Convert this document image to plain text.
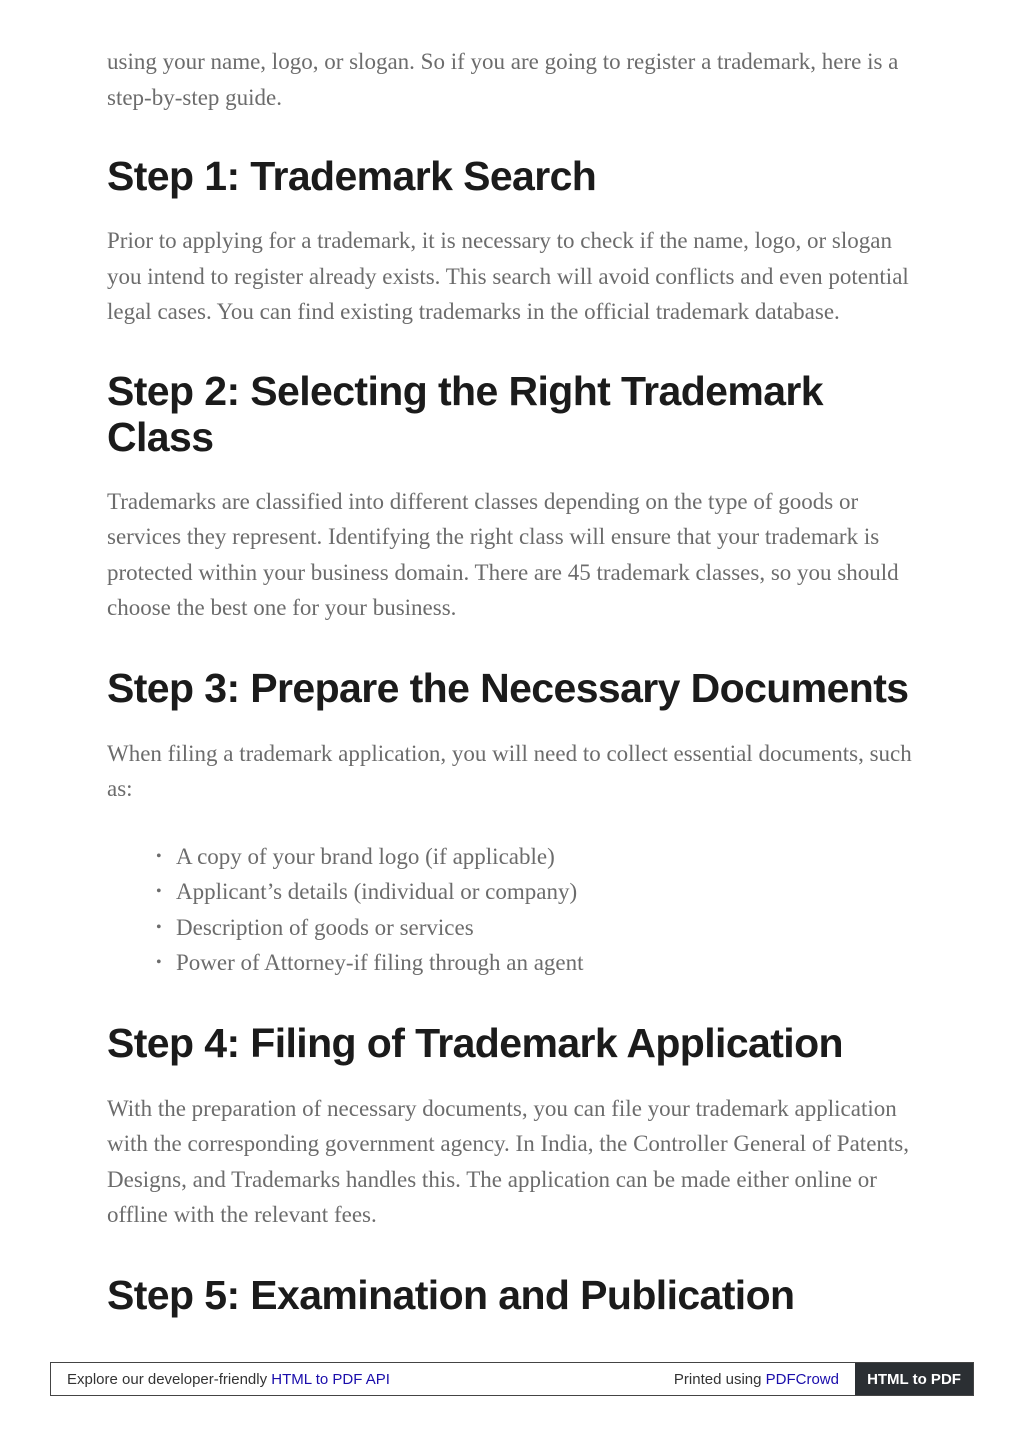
using your name, logo, or slogan. So if you are going to register a trademark, here is a step-by-step guide.

Step 1: Trademark Search

Prior to applying for a trademark, it is necessary to check if the name, logo, or slogan you intend to register already exists. This search will avoid conflicts and even potential legal cases. You can find existing trademarks in the official trademark database.

Step 2: Selecting the Right Trademark Class

Trademarks are classified into different classes depending on the type of goods or services they represent. Identifying the right class will ensure that your trademark is protected within your business domain. There are 45 trademark classes, so you should choose the best one for your business.

Step 3: Prepare the Necessary Documents

When filing a trademark application, you will need to collect essential documents, such as:

• A copy of your brand logo (if applicable)
• Applicant’s details (individual or company)
• Description of goods or services
• Power of Attorney-if filing through an agent
Step 4: Filing of Trademark Application

With the preparation of necessary documents, you can file your trademark application with the corresponding government agency. In India, the Controller General of Patents, Designs, and Trademarks handles this. The application can be made either online or offline with the relevant fees.

Step 5: Examination and Publication
Explore our developer-friendly
HTML to PDF API	Printed using
PDFCrowd	HTML to PDF
